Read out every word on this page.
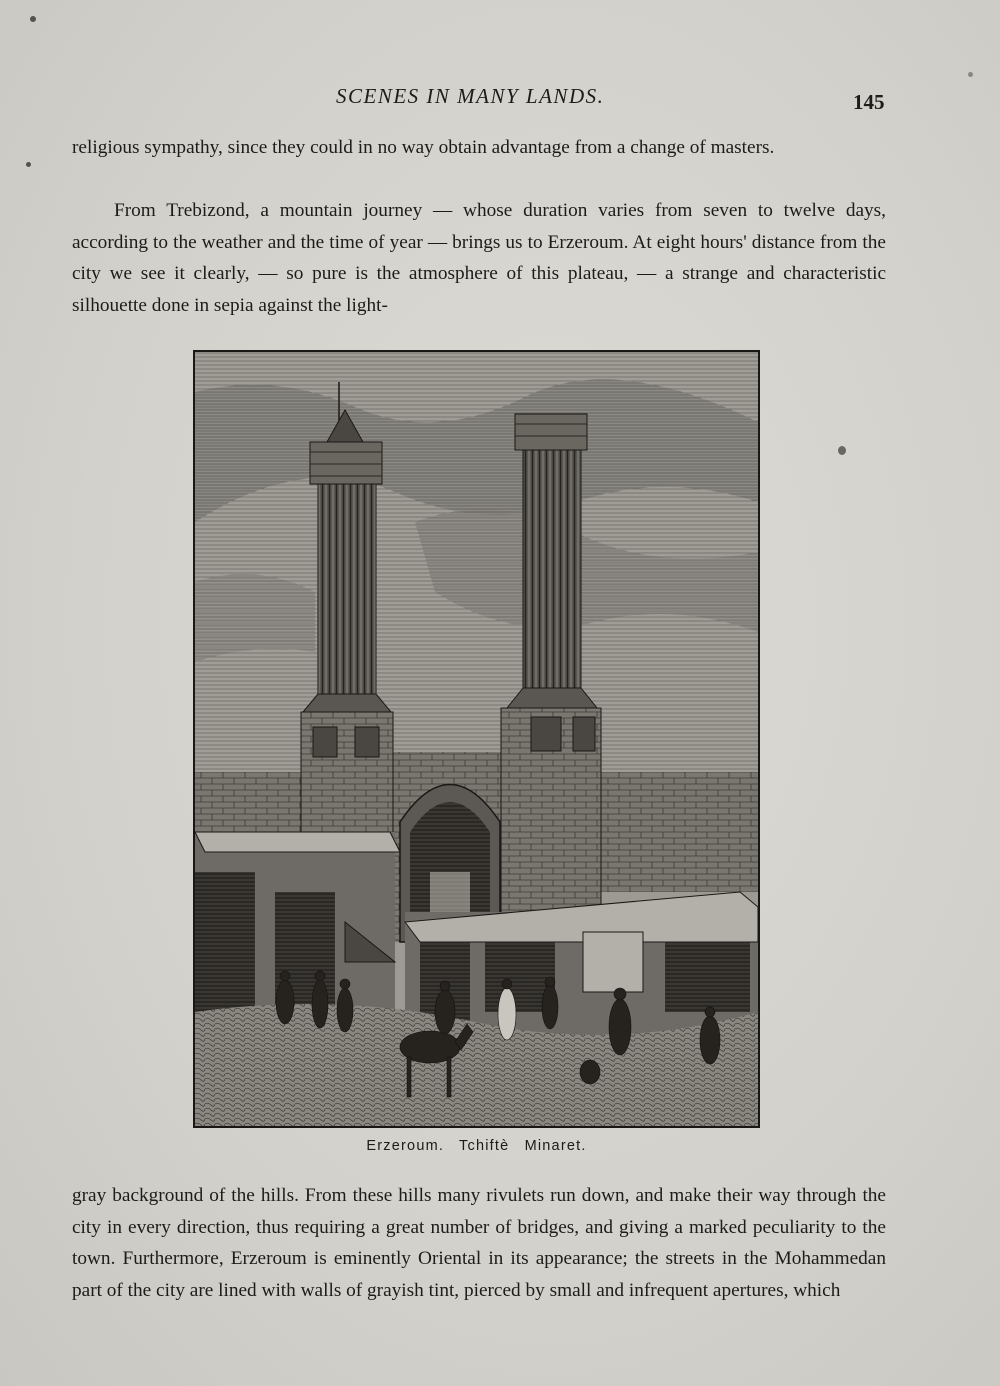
SCENES IN MANY LANDS.	145

religious sympathy, since they could in no way obtain advantage from a change of masters.

From Trebizond, a mountain journey — whose duration varies from seven to twelve days, according to the weather and the time of year — brings us to Erzeroum. At eight hours' distance from the city we see it clearly, — so pure is the atmosphere of this plateau, — a strange and characteristic silhouette done in sepia against the light-

Erzeroum. Tchiftè Minaret.

gray background of the hills. From these hills many rivulets run down, and make their way through the city in every direction, thus requiring a great number of bridges, and giving a marked peculiarity to the town. Furthermore, Erzeroum is eminently Oriental in its appearance; the streets in the Mohammedan part of the city are lined with walls of grayish tint, pierced by small and infrequent apertures, which
